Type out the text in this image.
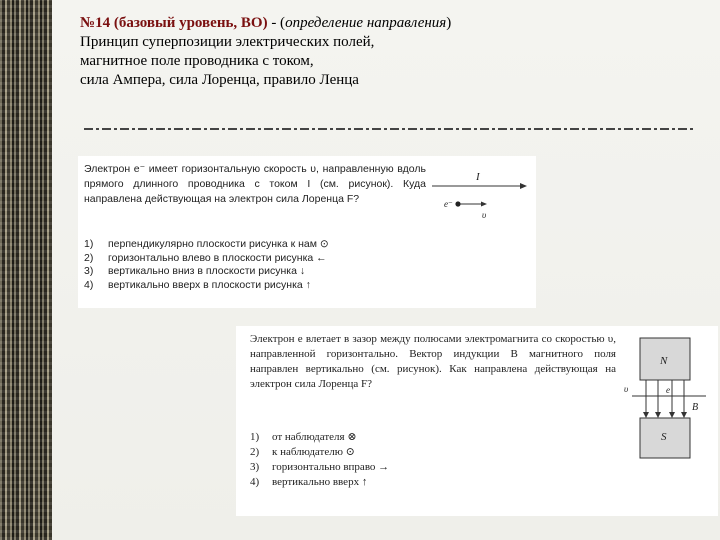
№14 (базовый уровень, ВО) - (определение направления)
Принцип суперпозиции электрических полей,
магнитное поле проводника с током,
сила Ампера, сила Лоренца, правило Ленца
Электрон e⁻ имеет горизонтальную скорость υ, направленную вдоль прямого длинного проводника с током I (см. рисунок). Куда направлена действующая на электрон сила Лоренца F?
I
e⁻
υ
1) перпендикулярно плоскости рисунка к нам ⊙
2) горизонтально влево в плоскости рисунка ←
3) вертикально вниз в плоскости рисунка ↓
4) вертикально вверх в плоскости рисунка ↑
Электрон e влетает в зазор между полюсами электромагнита со скоростью υ, направленной горизонтально. Вектор индукции B магнитного поля направлен вертикально (см. рисунок). Как направлена действующая на электрон сила Лоренца F?
N
S
υ	e
B
1) от наблюдателя ⊗
2) к наблюдателю ⊙
3) горизонтально вправо →
4) вертикально вверх ↑
